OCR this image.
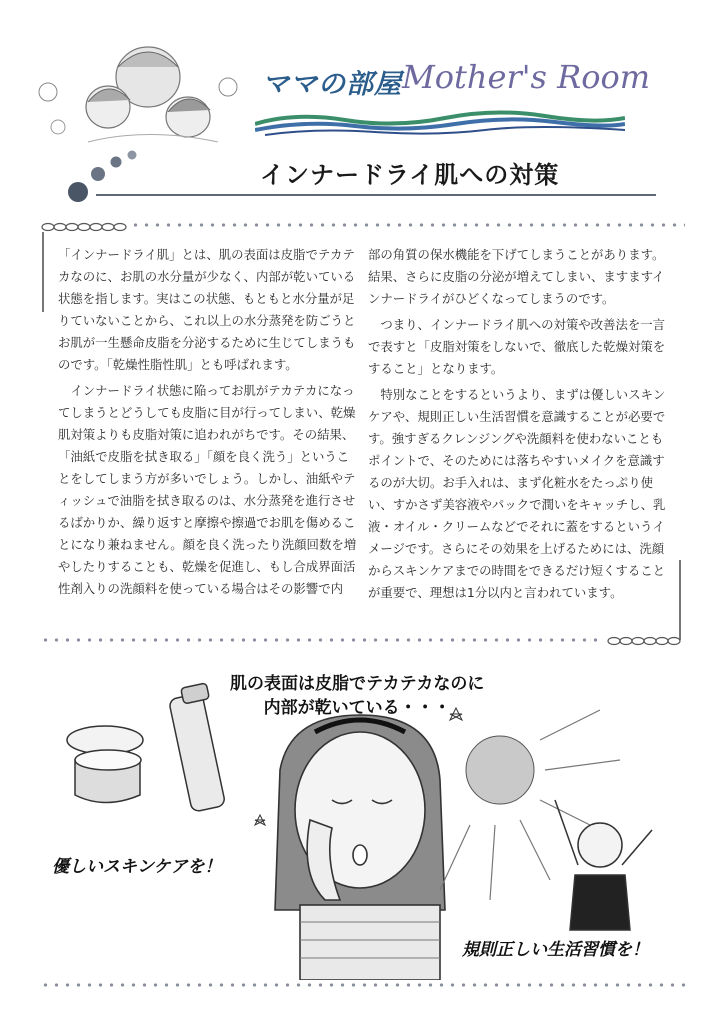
ママの部屋 Mother's Room
インナードライ肌への対策

「インナードライ肌」とは、肌の表面は皮脂でテカテカなのに、お肌の水分量が少なく、内部が乾いている状態を指します。実はこの状態、もともと水分量が足りていないことから、これ以上の水分蒸発を防ごうとお肌が一生懸命皮脂を分泌するために生じてしまうものです。「乾燥性脂性肌」とも呼ばれます。

インナードライ状態に陥ってお肌がテカテカになってしまうとどうしても皮脂に目が行ってしまい、乾燥肌対策よりも皮脂対策に追われがちです。その結果、「油紙で皮脂を拭き取る」「顔を良く洗う」ということをしてしまう方が多いでしょう。しかし、油紙やティッシュで油脂を拭き取るのは、水分蒸発を進行させるばかりか、繰り返すと摩擦や擦過でお肌を傷めることになり兼ねません。顔を良く洗ったり洗顔回数を増やしたりすることも、乾燥を促進し、もし合成界面活性剤入りの洗顔料を使っている場合はその影響で内

部の角質の保水機能を下げてしまうことがあります。結果、さらに皮脂の分泌が増えてしまい、ますますインナードライがひどくなってしまうのです。

つまり、インナードライ肌への対策や改善法を一言で表すと「皮脂対策をしないで、徹底した乾燥対策をすること」となります。

特別なことをするというより、まずは優しいスキンケアや、規則正しい生活習慣を意識することが必要です。強すぎるクレンジングや洗顔料を使わないこともポイントで、そのためには落ちやすいメイクを意識するのが大切。お手入れは、まず化粧水をたっぷり使い、すかさず美容液やパックで潤いをキャッチし、乳液・オイル・クリームなどでそれに蓋をするというイメージです。さらにその効果を上げるためには、洗顔からスキンケアまでの時間をできるだけ短くすることが重要で、理想は1分以内と言われています。

肌の表面は皮脂でテカテカなのに
内部が乾いている・・・
優しいスキンケアを！
規則正しい生活習慣を！
